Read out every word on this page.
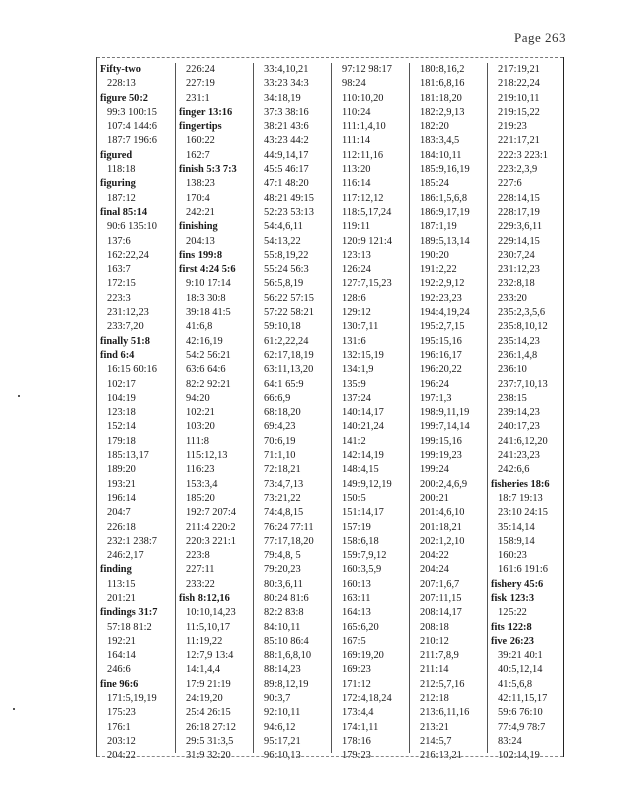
Page 263
Fifty-two
228:13
figure 50:2
99:3 100:15
107:4 144:6
187:7 196:6
figured
118:18
figuring
187:12
final 85:14
90:6 135:10
137:6
162:22,24
163:7
172:15
223:3
231:12,23
233:7,20
finally 51:8
find 6:4
16:15 60:16
102:17
104:19
123:18
152:14
179:18
185:13,17
189:20
193:21
196:14
204:7
226:18
232:1 238:7
246:2,17
finding
113:15
201:21
findings 31:7
57:18 81:2
192:21
164:14
246:6
fine 96:6
171:5,19,19
175:23
176:1
203:12
204:22
226:24
227:19
231:1
finger 13:16
fingertips
160:22
162:7
finish 5:3 7:3
138:23
170:4
242:21
finishing
204:13
fins 199:8
first 4:24 5:6
9:10 17:14
18:3 30:8
39:18 41:5
41:6,8
42:16,19
54:2 56:21
63:6 64:6
82:2 92:21
94:20
102:21
103:20
111:8
115:12,13
116:23
153:3,4
185:20
192:7 207:4
211:4 220:2
220:3 221:1
223:8
227:11
233:22
fish 8:12,16
10:10,14,23
11:5,10,17
11:19,22
12:7,9 13:4
14:1,4,4
17:9 21:19
24:19,20
25:4 26:15
26:18 27:12
29:5 31:3,5
31:9 32:20
33:4,10,21
33:23 34:3
34:18,19
37:3 38:16
38:21 43:6
43:23 44:2
44:9,14,17
45:5 46:17
47:1 48:20
48:21 49:15
52:23 53:13
54:4,6,11
54:13,22
55:8,19,22
55:24 56:3
56:5,8,19
56:22 57:15
57:22 58:21
59:10,18
61:2,22,24
62:17,18,19
63:11,13,20
64:1 65:9
66:6,9
68:18,20
69:4,23
70:6,19
71:1,10
72:18,21
73:4,7,13
73:21,22
74:4,8,15
76:24 77:11
77:17,18,20
79:4,8, 5
79:20,23
80:3,6,11
80:24 81:6
82:2 83:8
84:10,11
85:10 86:4
88:1,6,8,10
88:14,23
89:8,12,19
90:3,7
92:10,11
94:6,12
95:17,21
96:10,13
97:12 98:17
98:24
110:10,20
110:24
111:1,4,10
111:14
112:11,16
113:20
116:14
117:12,12
118:5,17,24
119:11
120:9 121:4
123:13
126:24
127:7,15,23
128:6
129:12
130:7,11
131:6
132:15,19
134:1,9
135:9
137:24
140:14,17
140:21,24
141:2
142:14,19
148:4,15
149:9,12,19
150:5
151:14,17
157:19
158:6,18
159:7,9,12
160:3,5,9
160:13
163:11
164:13
165:6,20
167:5
169:19,20
169:23
171:12
172:4,18,24
173:4,4
174:1,11
178:16
179:23
180:8,16,2
181:6,8,16
181:18,20
182:2,9,13
182:20
183:3,4,5
184:10,11
185:9,16,19
185:24
186:1,5,6,8
186:9,17,19
187:1,19
189:5,13,14
190:20
191:2,22
192:2,9,12
192:23,23
194:4,19,24
195:2,7,15
195:15,16
196:16,17
196:20,22
196:24
197:1,3
198:9,11,19
199:7,14,14
199:15,16
199:19,23
199:24
200:2,4,6,9
200:21
201:4,6,10
201:18,21
202:1,2,10
204:22
204:24
207:1,6,7
207:11,15
208:14,17
208:18
210:12
211:7,8,9
211:14
212:5,7,16
212:18
213:6,11,16
213:21
214:5,7
216:13,21
217:19,21
218:22,24
219:10,11
219:15,22
219:23
221:17,21
222:3 223:1
223:2,3,9
227:6
228:14,15
228:17,19
229:3,6,11
229:14,15
230:7,24
231:12,23
232:8,18
233:20
235:2,3,5,6
235:8,10,12
235:14,23
236:1,4,8
236:10
237:7,10,13
238:15
239:14,23
240:17,23
241:6,12,20
241:23,23
242:6,6
fisheries 18:6
18:7 19:13
23:10 24:15
35:14,14
158:9,14
160:23
161:6 191:6
fishery 45:6
fisk 123:3
125:22
fits 122:8
five 26:23
39:21 40:1
40:5,12,14
41:5,6,8
42:11,15,17
59:6 76:10
77:4,9 78:7
83:24
102:14,19
